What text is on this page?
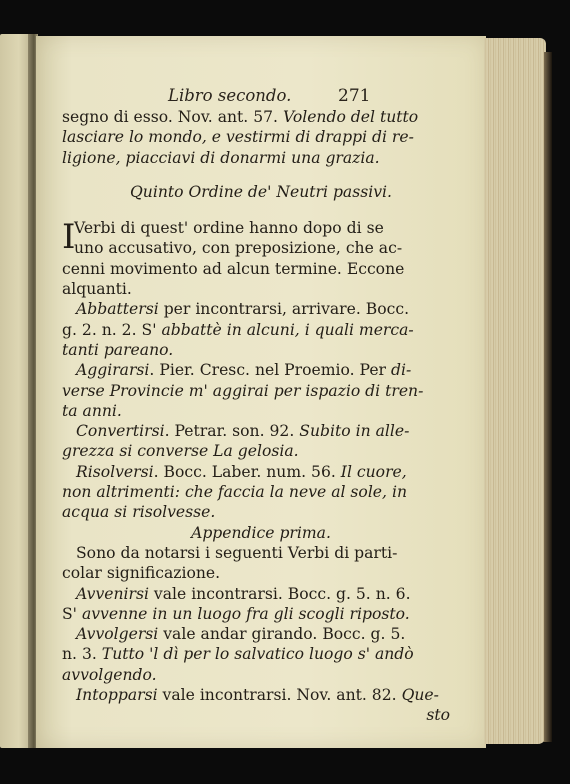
Libro secondo.	271
segno di esso. Nov. ant. 57. Volendo del tutto
lasciare lo mondo, e vestirmi di drappi di re-
ligione, piacciavi di donarmi una grazia.
Quinto Ordine de' Neutri passivi.
I
Verbi di quest' ordine hanno dopo di se
uno accusativo, con preposizione, che ac-
cenni movimento ad alcun termine. Eccone
alquanti.
Abbattersi per incontrarsi, arrivare. Bocc.
g. 2. n. 2. S' abbattè in alcuni, i quali merca-
tanti pareano.
Aggirarsi. Pier. Cresc. nel Proemio. Per di-
verse Provincie m' aggirai per ispazio di tren-
ta anni.
Convertirsi. Petrar. son. 92. Subito in alle-
grezza si converse La gelosia.
Risolversi. Bocc. Laber. num. 56. Il cuore,
non altrimenti: che faccia la neve al sole, in
acqua si risolvesse.
Appendice prima.
Sono da notarsi i seguenti Verbi di parti-
colar significazione.
Avvenirsi vale incontrarsi. Bocc. g. 5. n. 6.
S' avvenne in un luogo fra gli scogli riposto.
Avvolgersi vale andar girando. Bocc. g. 5.
n. 3. Tutto 'l dì per lo salvatico luogo s' andò
avvolgendo.
Intopparsi vale incontrarsi. Nov. ant. 82. Que-
sto
